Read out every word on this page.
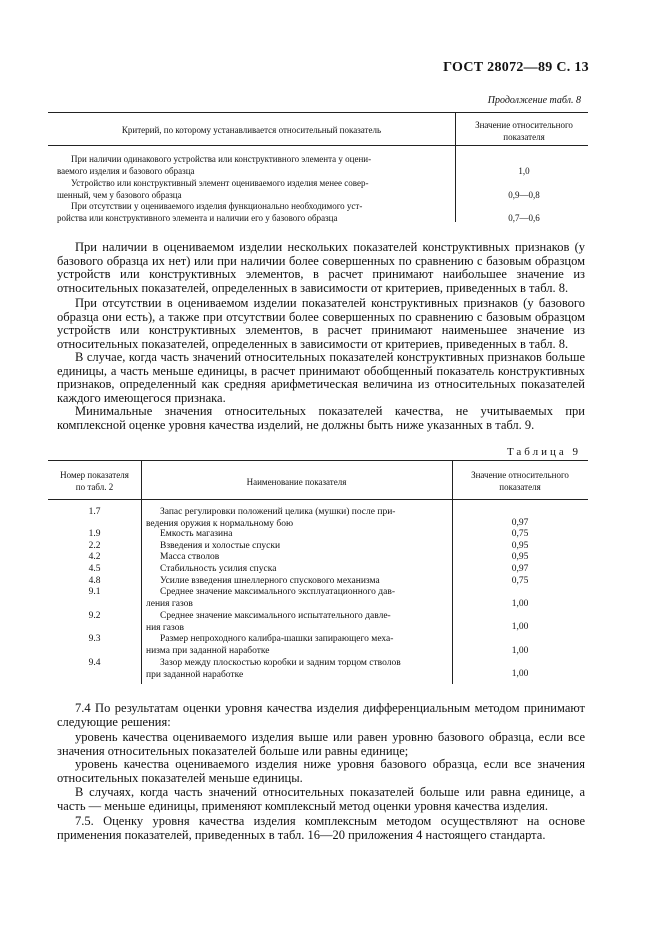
ГОСТ 28072—89 С. 13
Продолжение табл. 8
Критерий, по которому устанавливается относительный показатель	Значение относительного показателя
При наличии одинакового устройства или конструктивного элемента у оцени-
ваемого изделия и базового образца	1,0
Устройство или конструктивный элемент оцениваемого изделия менее совер-
шенный, чем у базового образца	0,9—0,8
При отсутствии у оцениваемого изделия функционально необходимого уст-
ройства или конструктивного элемента и наличии его у базового образца	0,7—0,6
При наличии в оцениваемом изделии нескольких показателей конструктивных признаков (у базового образца их нет) или при наличии более совершенных по сравнению с базовым образцом устройств или конструктивных элементов, в расчет принимают наибольшее значение из относительных показателей, определенных в зависимости от критериев, приведенных в табл. 8.
При отсутствии в оцениваемом изделии показателей конструктивных признаков (у базового образца они есть), а также при отсутствии более совершенных по сравнению с базовым образцом устройств или конструктивных элементов, в расчет принимают наименьшее значение из относительных показателей, определенных в зависимости от критериев, приведенных в табл. 8.
В случае, когда часть значений относительных показателей конструктивных признаков больше единицы, а часть меньше единицы, в расчет принимают обобщенный показатель конструктивных признаков, определенный как средняя арифметическая величина из относительных показателей каждого имеющегося признака.
Минимальные значения относительных показателей качества, не учитываемых при комплексной оценке уровня качества изделий, не должны быть ниже указанных в табл. 9.
Таблица 9
Номер показателя
по табл. 2	Наименование показателя
Значение относительного
показателя
1.7	Запас регулировки положений целика (мушки) после при-
ведения оружия к нормальному бою	0,97
1.9	Емкость магазина	0,75
2.2	Взведения и холостые спуски	0,95
4.2	Масса стволов	0,95
4.5	Стабильность усилия спуска	0,97
4.8	Усилие взведения шнеллерного спускового механизма	0,75
9.1	Среднее значение максимального эксплуатационного дав-
ления газов	1,00
9.2	Среднее значение максимального испытательного давле-
ния газов	1,00
9.3	Размер непроходного калибра-шашки запирающего меха-
низма при заданной наработке	1,00
9.4	Зазор между плоскостью коробки и задним торцом стволов
при заданной наработке	1,00
7.4 По результатам оценки уровня качества изделия дифференциальным методом принимают следующие решения:
уровень качества оцениваемого изделия выше или равен уровню базового образца, если все значения относительных показателей больше или равны единице;
уровень качества оцениваемого изделия ниже уровня базового образца, если все значения относительных показателей меньше единицы.
В случаях, когда часть значений относительных показателей больше или равна единице, а часть — меньше единицы, применяют комплексный метод оценки уровня качества изделия.
7.5. Оценку уровня качества изделия комплексным методом осуществляют на основе применения показателей, приведенных в табл. 16—20 приложения 4 настоящего стандарта.
